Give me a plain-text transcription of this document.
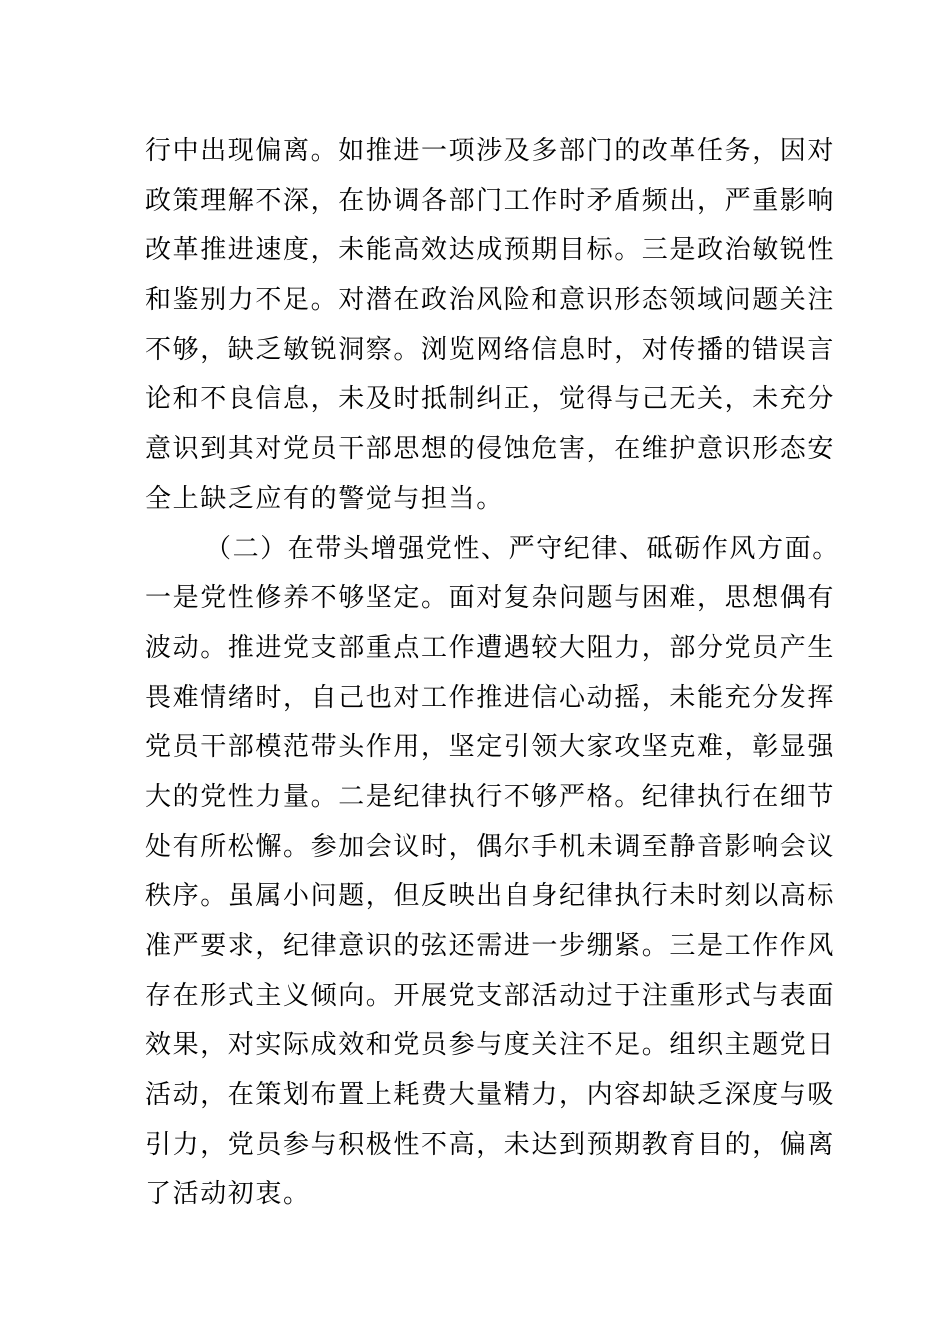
行中出现偏离。如推进一项涉及多部门的改革任务，因对
政策理解不深，在协调各部门工作时矛盾频出，严重影响
改革推进速度，未能高效达成预期目标。三是政治敏锐性
和鉴别力不足。对潜在政治风险和意识形态领域问题关注
不够，缺乏敏锐洞察。浏览网络信息时，对传播的错误言
论和不良信息，未及时抵制纠正，觉得与己无关，未充分
意识到其对党员干部思想的侵蚀危害，在维护意识形态安
全上缺乏应有的警觉与担当。
（二）在带头增强党性、严守纪律、砥砺作风方面。
一是党性修养不够坚定。面对复杂问题与困难，思想偶有
波动。推进党支部重点工作遭遇较大阻力，部分党员产生
畏难情绪时，自己也对工作推进信心动摇，未能充分发挥
党员干部模范带头作用，坚定引领大家攻坚克难，彰显强
大的党性力量。二是纪律执行不够严格。纪律执行在细节
处有所松懈。参加会议时，偶尔手机未调至静音影响会议
秩序。虽属小问题，但反映出自身纪律执行未时刻以高标
准严要求，纪律意识的弦还需进一步绷紧。三是工作作风
存在形式主义倾向。开展党支部活动过于注重形式与表面
效果，对实际成效和党员参与度关注不足。组织主题党日
活动，在策划布置上耗费大量精力，内容却缺乏深度与吸
引力，党员参与积极性不高，未达到预期教育目的，偏离
了活动初衷。
